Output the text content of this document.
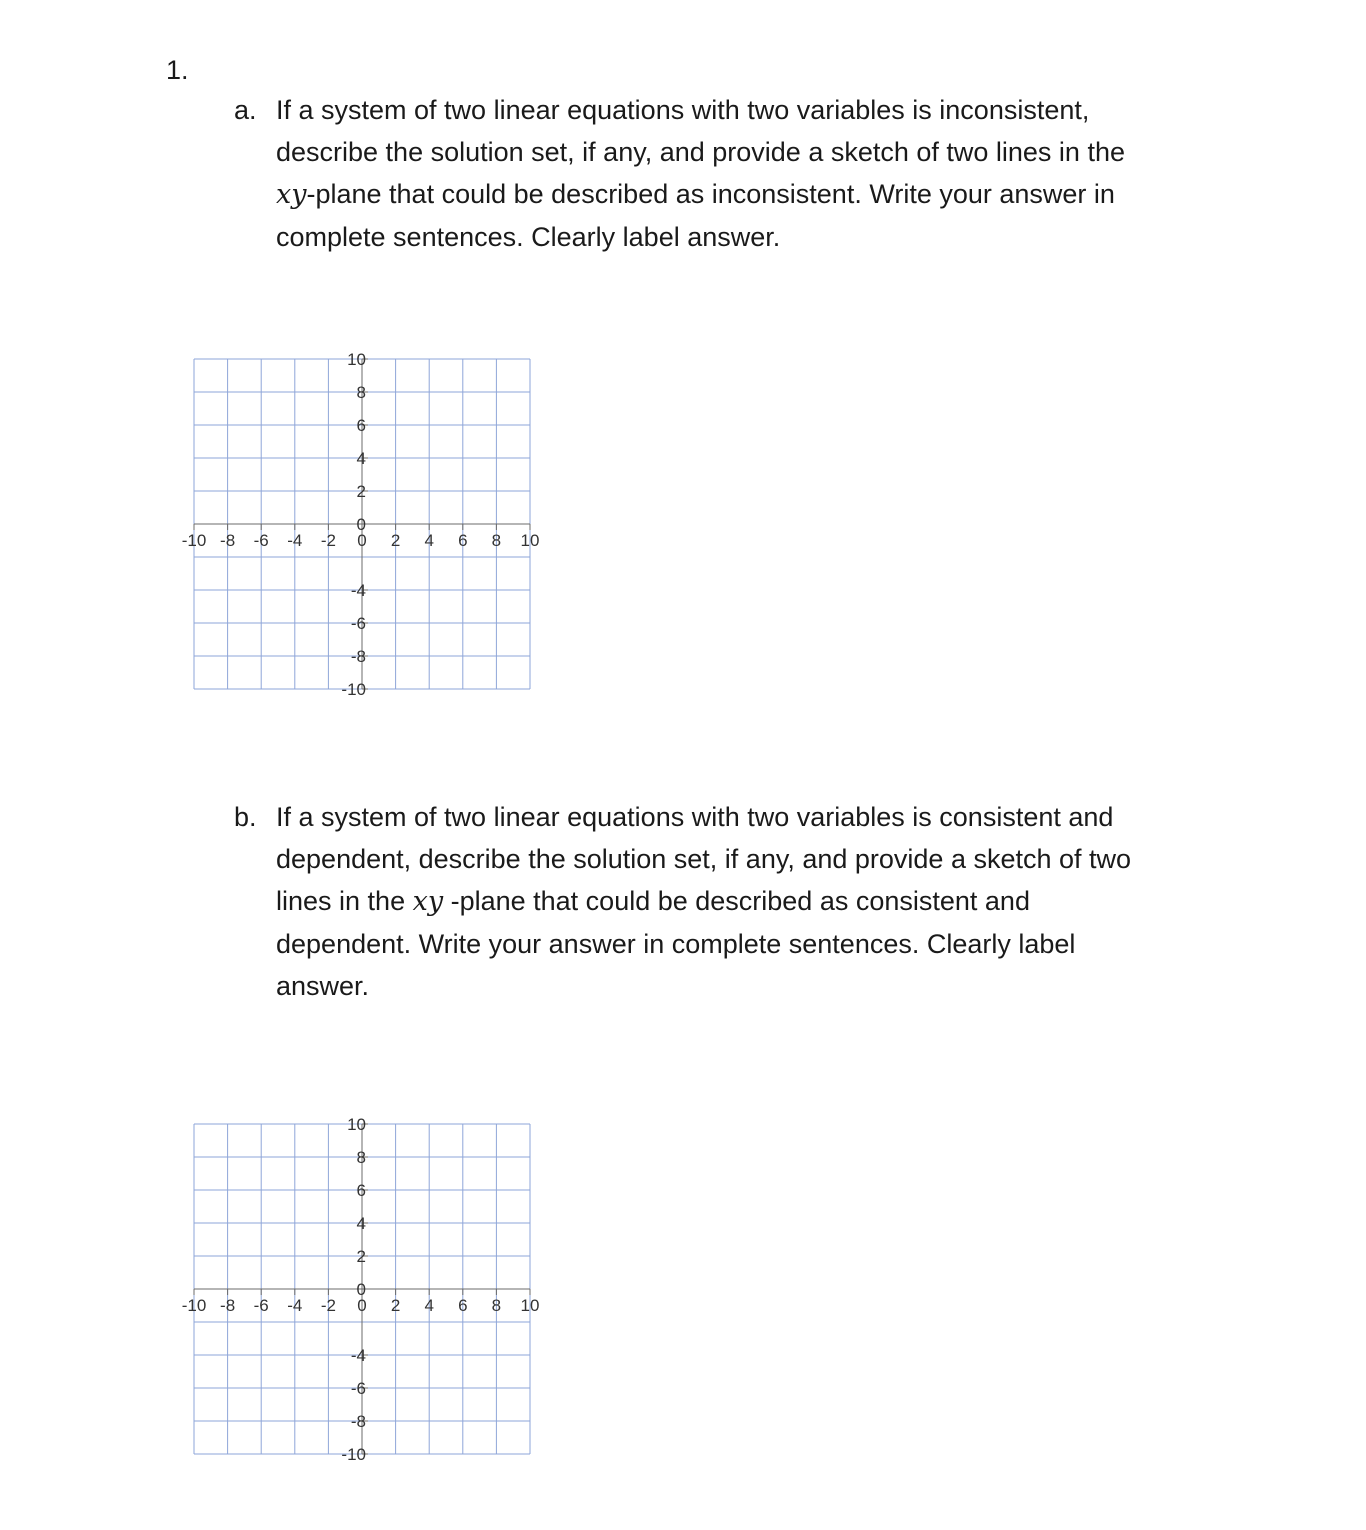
1.
a. If a system of two linear equations with two variables is inconsistent,

describe the solution set, if any, and provide a sketch of two lines in the

xy-plane that could be described as inconsistent. Write your answer in

complete sentences. Clearly label answer.

-10 -8 -6 -4 -2 0 2 4 6 8 10
10
8
6
4
2
0
-4
-6
-8
-10
b. If a system of two linear equations with two variables is consistent and

dependent, describe the solution set, if any, and provide a sketch of two

lines in the xy -plane that could be described as consistent and

dependent. Write your answer in complete sentences. Clearly label

answer.

-10 -8 -6 -4 -2 0 2 4 6 8 10
10
8
6
4
2
0
-4
-6
-8
-10
